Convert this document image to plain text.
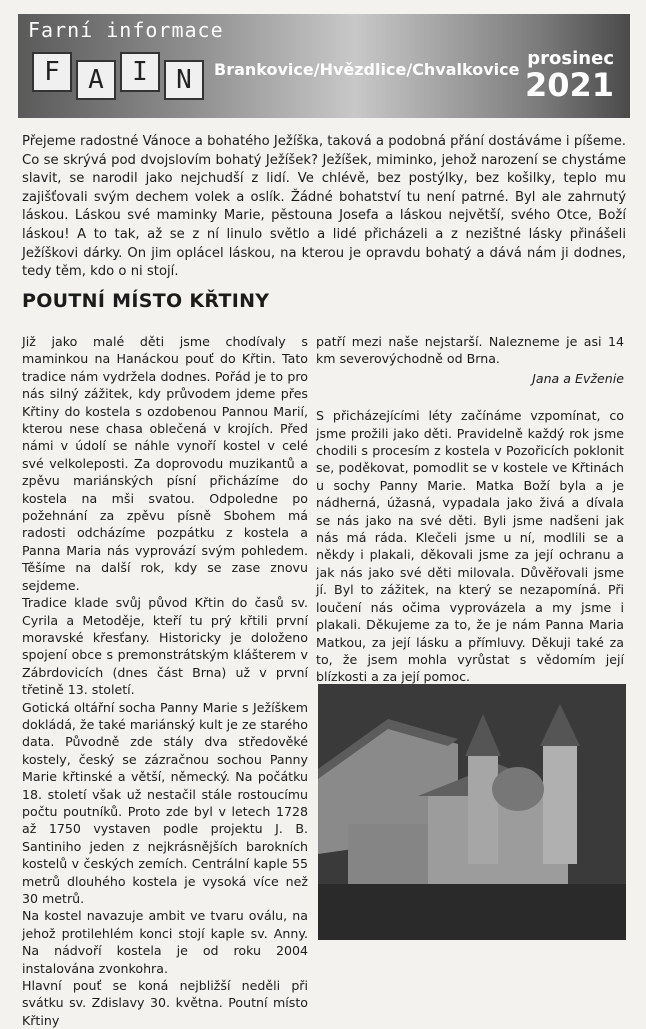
Farní informace
F	A	I	N	Brankovice/Hvězdlice/Chvalkovice
prosinec
2021
Přejeme radostné Vánoce a bohatého Ježíška, taková a podobná přání dostáváme i píšeme. Co se skrývá pod dvojslovím bohatý Ježíšek? Ježíšek, miminko, jehož narození se chystáme slavit, se narodil jako nejchudší z lidí. Ve chlévě, bez postýlky, bez košilky, teplo mu zajišťovali svým dechem volek a oslík. Žádné bohatství tu není patrné. Byl ale zahrnutý láskou. Láskou své maminky Marie, pěstouna Josefa a láskou největší, svého Otce, Boží láskou! A to tak, až se z ní linulo světlo a lidé přicházeli a z nezištné lásky přinášeli Ježíškovi dárky. On jim oplácel láskou, na kterou je opravdu bohatý a dává nám ji dodnes, tedy těm, kdo o ni stojí.
POUTNÍ MÍSTO KŘTINY

Již jako malé děti jsme chodívaly s maminkou na Hanáckou pouť do Křtin. Tato tradice nám vydržela dodnes. Pořád je to pro nás silný zážitek, kdy průvodem jdeme přes Křtiny do kostela s ozdobenou Pannou Marií, kterou nese chasa oblečená v krojích. Před námi v údolí se náhle vynoří kostel v celé své velkoleposti. Za doprovodu muzikantů a zpěvu mariánských písní přicházíme do kostela na mši svatou. Odpoledne po požehnání za zpěvu písně Sbohem má radosti odcházíme pozpátku z kostela a Panna Maria nás vyprovází svým pohledem. Těšíme na další rok, kdy se zase znovu sejdeme.

Tradice klade svůj původ Křtin do časů sv. Cyrila a Metoděje, kteří tu prý křtili první moravské křesťany. Historicky je doloženo spojení obce s premonstrátským klášterem v Zábrdovicích (dnes část Brna) už v první třetině 13. století.

Gotická oltářní socha Panny Marie s Ježíškem dokládá, že také mariánský kult je ze starého data. Původně zde stály dva středověké kostely, český se zázračnou sochou Panny Marie křtinské a větší, německý. Na počátku 18. století však už nestačil stále rostoucímu počtu poutníků. Proto zde byl v letech 1728 až 1750 vystaven podle projektu J. B. Santiniho jeden z nejkrásnějších barokních kostelů v českých zemích. Centrální kaple 55 metrů dlouhého kostela je vysoká více než 30 metrů.

Na kostel navazuje ambit ve tvaru oválu, na jehož protilehlém konci stojí kaple sv. Anny. Na nádvoří kostela je od roku 2004 instalována zvonkohra.

Hlavní pouť se koná nejbližší neděli při svátku sv. Zdislavy 30. května. Poutní místo Křtiny

patří mezi naše nejstarší. Nalezneme je asi 14 km severovýchodně od Brna.

Jana a Evženie

S přicházejícími léty začínáme vzpomínat, co jsme prožili jako děti. Pravidelně každý rok jsme chodili s procesím z kostela v Pozořicích poklonit se, poděkovat, pomodlit se v kostele ve Křtinách u sochy Panny Marie. Matka Boží byla a je nádherná, úžasná, vypadala jako živá a dívala se nás jako na své děti. Byli jsme nadšeni jak nás má ráda. Klečeli jsme u ní, modlili se a někdy i plakali, děkovali jsme za její ochranu a jak nás jako své děti milovala. Důvěřovali jsme jí. Byl to zážitek, na který se nezapomíná. Při loučení nás očima vyprovázela a my jsme i plakali. Děkujeme za to, že je nám Panna Maria Matkou, za její lásku a přímluvy. Děkuji také za to, že jsem mohla vyrůstat s vědomím její blízkosti a za její pomoc.
